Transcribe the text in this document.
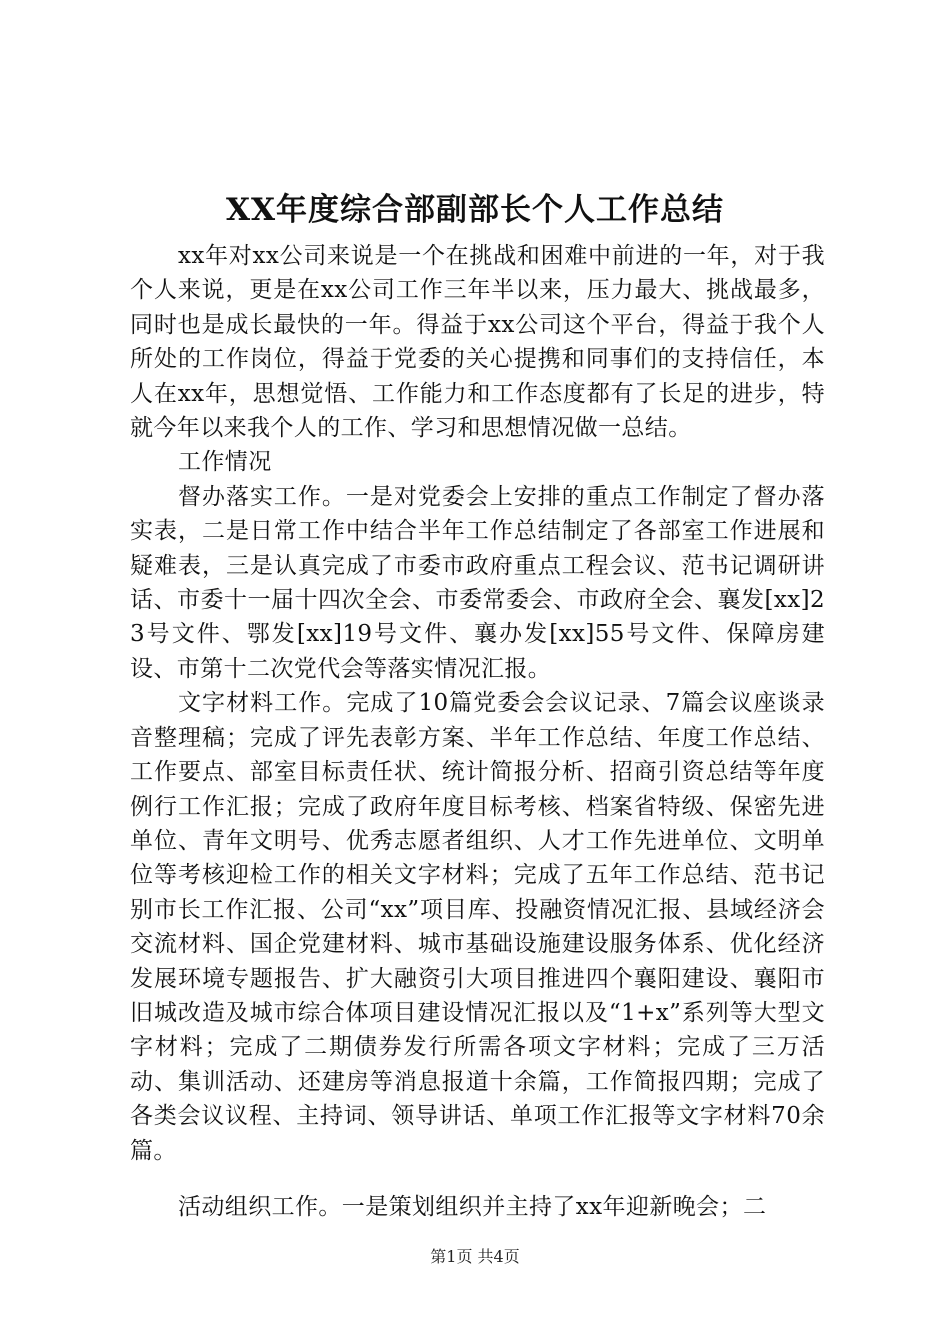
XX年度综合部副部长个人工作总结

xx年对xx公司来说是一个在挑战和困难中前进的一年，对于我个人来说，更是在xx公司工作三年半以来，压力最大、挑战最多，同时也是成长最快的一年。得益于xx公司这个平台，得益于我个人所处的工作岗位，得益于党委的关心提携和同事们的支持信任，本人在xx年，思想觉悟、工作能力和工作态度都有了长足的进步，特就今年以来我个人的工作、学习和思想情况做一总结。

工作情况

督办落实工作。一是对党委会上安排的重点工作制定了督办落实表，二是日常工作中结合半年工作总结制定了各部室工作进展和疑难表，三是认真完成了市委市政府重点工程会议、范书记调研讲话、市委十一届十四次全会、市委常委会、市政府全会、襄发[xx]23号文件、鄂发[xx]19号文件、襄办发[xx]55号文件、保障房建设、市第十二次党代会等落实情况汇报。

文字材料工作。完成了10篇党委会会议记录、7篇会议座谈录音整理稿；完成了评先表彰方案、半年工作总结、年度工作总结、工作要点、部室目标责任状、统计简报分析、招商引资总结等年度例行工作汇报；完成了政府年度目标考核、档案省特级、保密先进单位、青年文明号、优秀志愿者组织、人才工作先进单位、文明单位等考核迎检工作的相关文字材料；完成了五年工作总结、范书记别市长工作汇报、公司“xx”项目库、投融资情况汇报、县域经济会交流材料、国企党建材料、城市基础设施建设服务体系、优化经济发展环境专题报告、扩大融资引大项目推进四个襄阳建设、襄阳市旧城改造及城市综合体项目建设情况汇报以及“1+x”系列等大型文字材料；完成了二期债券发行所需各项文字材料；完成了三万活动、集训活动、还建房等消息报道十余篇，工作简报四期；完成了各类会议议程、主持词、领导讲话、单项工作汇报等文字材料70余篇。

活动组织工作。一是策划组织并主持了xx年迎新晚会；二

第1页 共4页
